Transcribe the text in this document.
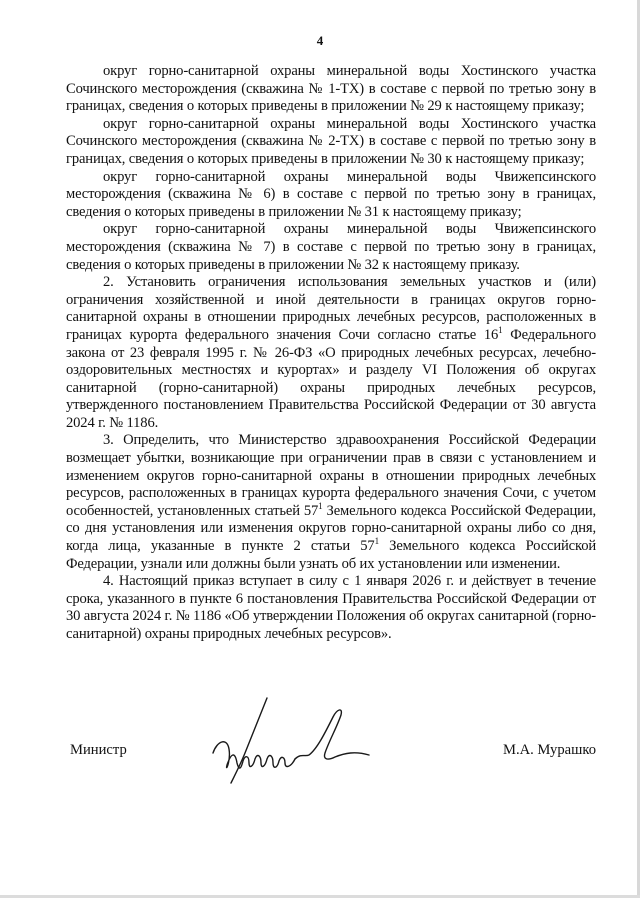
4

округ горно-санитарной охраны минеральной воды Хостинского участка Сочинского месторождения (скважина № 1-ТХ) в составе с первой по третью зону в границах, сведения о которых приведены в приложении № 29 к настоящему приказу;

округ горно-санитарной охраны минеральной воды Хостинского участка Сочинского месторождения (скважина № 2-ТХ) в составе с первой по третью зону в границах, сведения о которых приведены в приложении № 30 к настоящему приказу;

округ горно-санитарной охраны минеральной воды Чвижепсинского месторождения (скважина № 6) в составе с первой по третью зону в границах, сведения о которых приведены в приложении № 31 к настоящему приказу;

округ горно-санитарной охраны минеральной воды Чвижепсинского месторождения (скважина № 7) в составе с первой по третью зону в границах, сведения о которых приведены в приложении № 32 к настоящему приказу.

2. Установить ограничения использования земельных участков и (или) ограничения хозяйственной и иной деятельности в границах округов горно-санитарной охраны в отношении природных лечебных ресурсов, расположенных в границах курорта федерального значения Сочи согласно статье $16^1$ Федерального закона от 23 февраля 1995 г. № 26-ФЗ «О природных лечебных ресурсах, лечебно-оздоровительных местностях и курортах» и разделу VI Положения об округах санитарной (горно-санитарной) охраны природных лечебных ресурсов, утвержденного постановлением Правительства Российской Федерации от 30 августа 2024 г. № 1186.

3. Определить, что Министерство здравоохранения Российской Федерации возмещает убытки, возникающие при ограничении прав в связи с установлением и изменением округов горно-санитарной охраны в отношении природных лечебных ресурсов, расположенных в границах курорта федерального значения Сочи, с учетом особенностей, установленных статьей $57^1$ Земельного кодекса Российской Федерации, со дня установления или изменения округов горно-санитарной охраны либо со дня, когда лица, указанные в пункте 2 статьи $57^1$ Земельного кодекса Российской Федерации, узнали или должны были узнать об их установлении или изменении.

4. Настоящий приказ вступает в силу с 1 января 2026 г. и действует в течение срока, указанного в пункте 6 постановления Правительства Российской Федерации от 30 августа 2024 г. № 1186 «Об утверждении Положения об округах санитарной (горно-санитарной) охраны природных лечебных ресурсов».

Министр	М.А. Мурашко
